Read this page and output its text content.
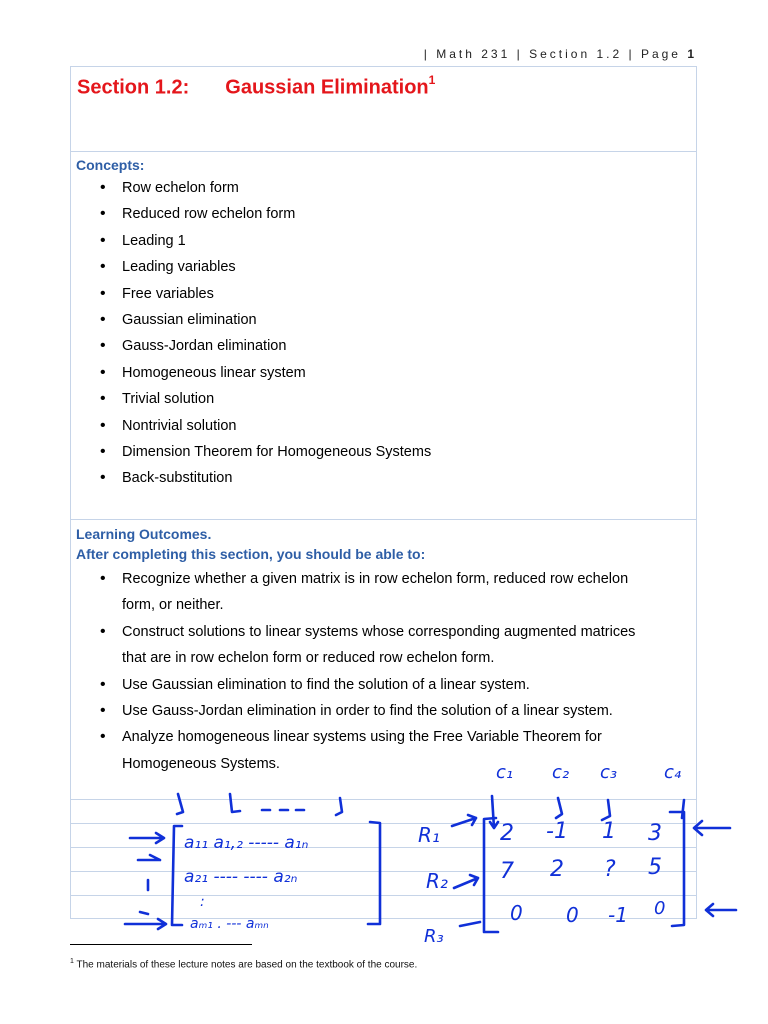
| Math 231 | Section 1.2 | Page 1
Section 1.2: Gaussian Elimination$^1$
Concepts:
• Row echelon form
• Reduced row echelon form
• Leading 1
• Leading variables
• Free variables
• Gaussian elimination
• Gauss-Jordan elimination
• Homogeneous linear system
• Trivial solution
• Nontrivial solution
• Dimension Theorem for Homogeneous Systems
• Back-substitution
Learning Outcomes.
After completing this section, you should be able to:
• Recognize whether a given matrix is in row echelon form, reduced row echelon
form, or neither.
• Construct solutions to linear systems whose corresponding augmented matrices
that are in row echelon form or reduced row echelon form.
• Use Gaussian elimination to find the solution of a linear system.
• Use Gauss-Jordan elimination in order to find the solution of a linear system.
• Analyze homogeneous linear systems using the Free Variable Theorem for
Homogeneous Systems.
a₁₁ a₁,₂ ----- a₁ₙ
a₂₁ ---- ---- a₂ₙ
:
aₘ₁ . --- aₘₙ
c₁ c₂ c₃	c₄
R₁
R₂
R₃
2 -1 1 3
7 2 ? 5
0 0 -1 0
$^1$ The materials of these lecture notes are based on the textbook of the course.
